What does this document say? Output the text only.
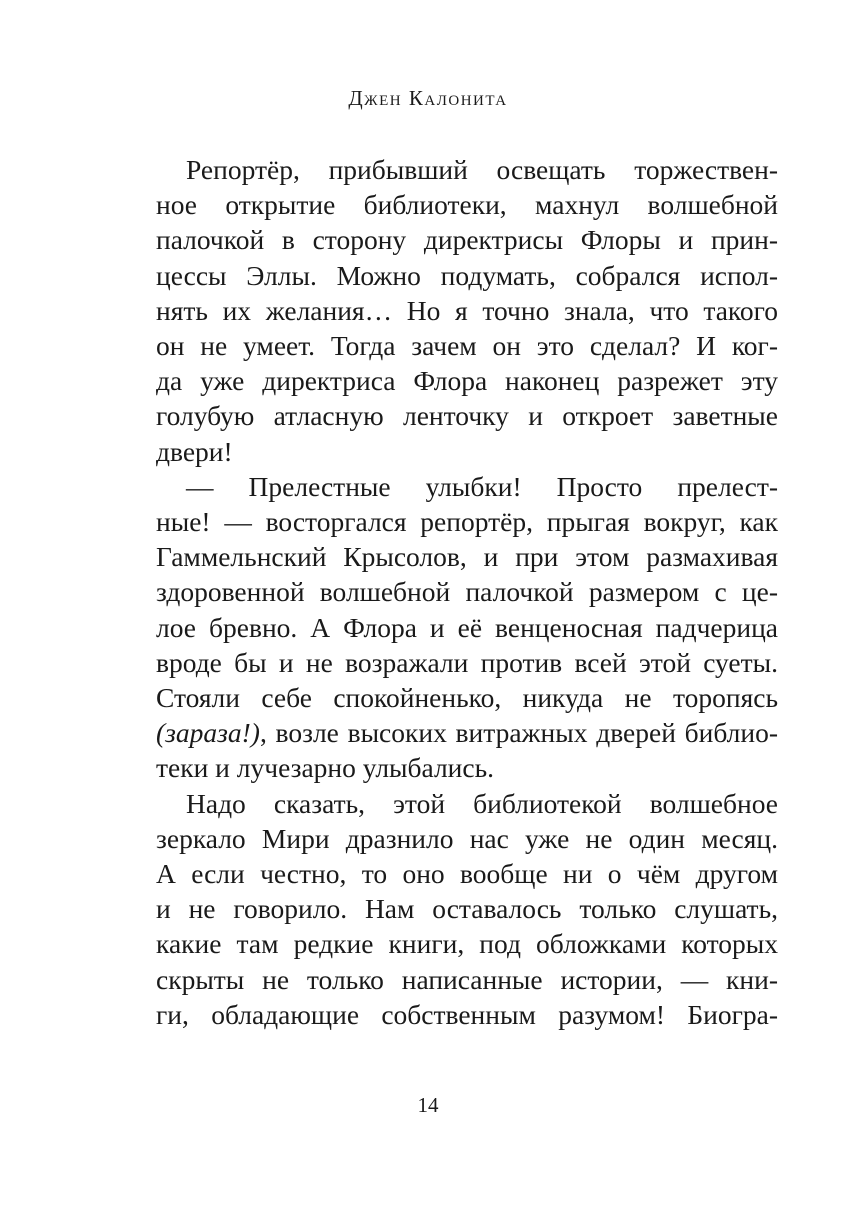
Джен Калонита

Репортёр, прибывший освещать торжествен-
ное открытие библиотеки, махнул волшебной
палочкой в сторону директрисы Флоры и прин-
цессы Эллы. Можно подумать, собрался испол-
нять их желания… Но я точно знала, что такого
он не умеет. Тогда зачем он это сделал? И ког-
да уже директриса Флора наконец разрежет эту
голубую атласную ленточку и откроет заветные
двери!

— Прелестные улыбки! Просто прелест-
ные! — восторгался репортёр, прыгая вокруг, как
Гаммельнский Крысолов, и при этом размахивая
здоровенной волшебной палочкой размером с це-
лое бревно. А Флора и её венценосная падчерица
вроде бы и не возражали против всей этой суеты.
Стояли себе спокойненько, никуда не торопясь
(зараза!), возле высоких витражных дверей библио-
теки и лучезарно улыбались.

Надо сказать, этой библиотекой волшебное
зеркало Мири дразнило нас уже не один месяц.
А если честно, то оно вообще ни о чём другом
и не говорило. Нам оставалось только слушать,
какие там редкие книги, под обложками которых
скрыты не только написанные истории, — кни-
ги, обладающие собственным разумом! Биогра-

14
